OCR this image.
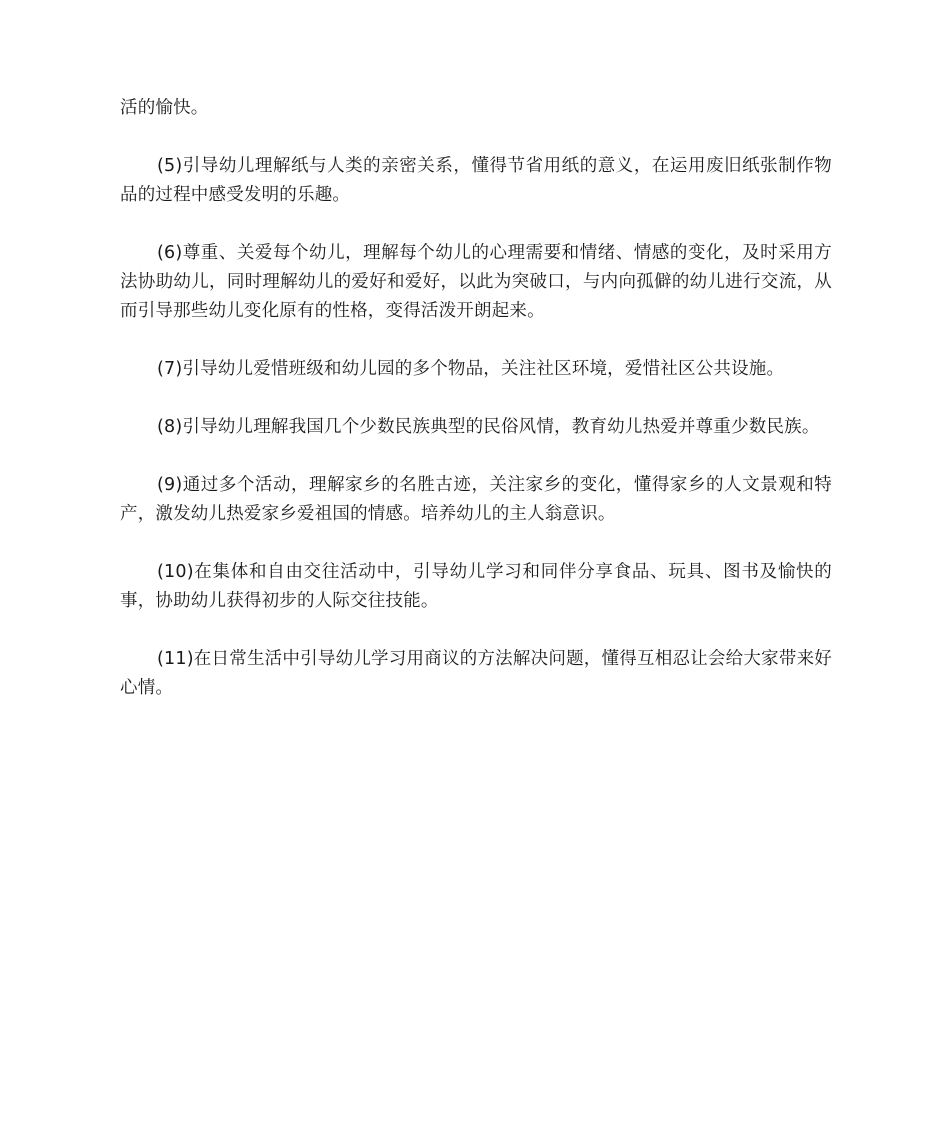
活的愉快。

(5)引导幼儿理解纸与人类的亲密关系，懂得节省用纸的意义，在运用废旧纸张制作物品的过程中感受发明的乐趣。

(6)尊重、关爱每个幼儿，理解每个幼儿的心理需要和情绪、情感的变化，及时采用方法协助幼儿，同时理解幼儿的爱好和爱好，以此为突破口，与内向孤僻的幼儿进行交流，从而引导那些幼儿变化原有的性格，变得活泼开朗起来。

(7)引导幼儿爱惜班级和幼儿园的多个物品，关注社区环境，爱惜社区公共设施。

(8)引导幼儿理解我国几个少数民族典型的民俗风情，教育幼儿热爱并尊重少数民族。

(9)通过多个活动，理解家乡的名胜古迹，关注家乡的变化，懂得家乡的人文景观和特产，激发幼儿热爱家乡爱祖国的情感。培养幼儿的主人翁意识。

(10)在集体和自由交往活动中，引导幼儿学习和同伴分享食品、玩具、图书及愉快的事，协助幼儿获得初步的人际交往技能。

(11)在日常生活中引导幼儿学习用商议的方法解决问题，懂得互相忍让会给大家带来好心情。
